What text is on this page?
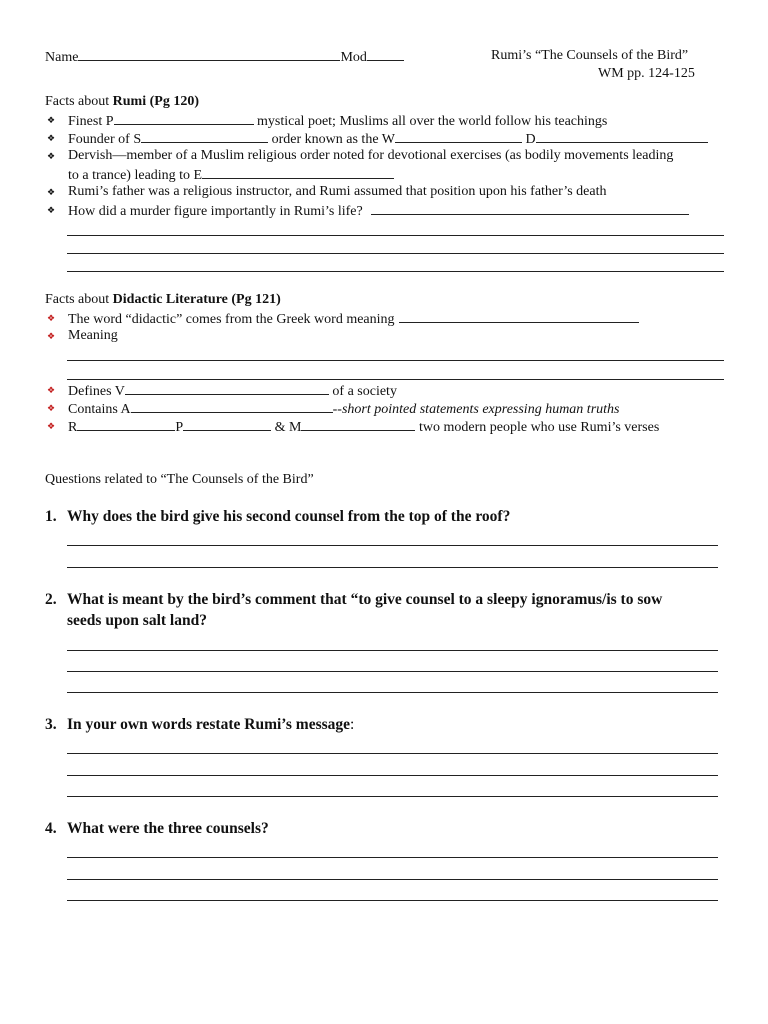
Name	Mod	Rumi’s “The Counsels of the Bird”
WM pp. 124-125
Facts about Rumi (Pg 120)
❖ Finest P	mystical poet; Muslims all over the world follow his teachings
❖ Founder of S	order known as the W	D
❖ Dervish—member of a Muslim religious order noted for devotional exercises (as bodily movements leading
to a trance) leading to E
❖ Rumi’s father was a religious instructor, and Rumi assumed that position upon his father’s death
❖ How did a murder figure importantly in Rumi’s life?
Facts about Didactic Literature (Pg 121)
❖ The word “didactic” comes from the Greek word meaning
❖ Meaning
❖ Defines V	of a society
❖ Contains A	--short pointed statements expressing human truths
❖ R	P	& M	two modern people who use Rumi’s verses
Questions related to “The Counsels of the Bird”
1. Why does the bird give his second counsel from the top of the roof?
2. What is meant by the bird’s comment that “to give counsel to a sleepy ignoramus/is to sow
seeds upon salt land?
3. In your own words restate Rumi’s message:
4. What were the three counsels?
